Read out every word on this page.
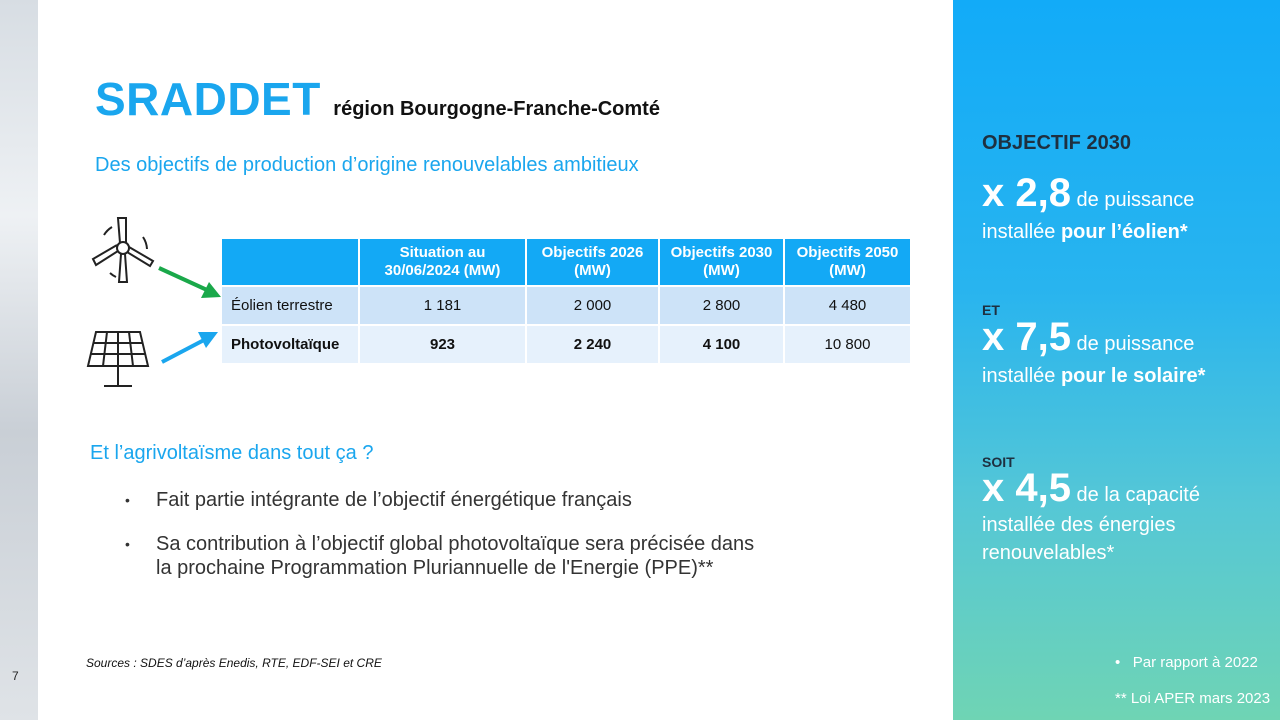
7
SRADDET région Bourgogne-Franche-Comté
Des objectifs de production d’origine renouvelables ambitieux
	Situation au 30/06/2024 (MW)	Objectifs 2026 (MW)	Objectifs 2030 (MW)	Objectifs 2050 (MW)
Éolien terrestre	1 181	2 000	2 800	4 480
Photovoltaïque	923	2 240	4 100	10 800
Et l’agrivoltaïsme dans tout ça ?
• Fait partie intégrante de l’objectif énergétique français
• Sa contribution à l’objectif global photovoltaïque sera précisée dans la prochaine Programmation Pluriannuelle de l'Energie (PPE)**
Sources : SDES d’après Enedis, RTE, EDF-SEI et CRE
OBJECTIF 2030
x 2,8 de puissance
installée pour l’éolien*
ET
x 7,5 de puissance
installée pour le solaire*
SOIT
x 4,5 de la capacité
installée des énergies renouvelables*
• Par rapport à 2022
** Loi APER mars 2023
